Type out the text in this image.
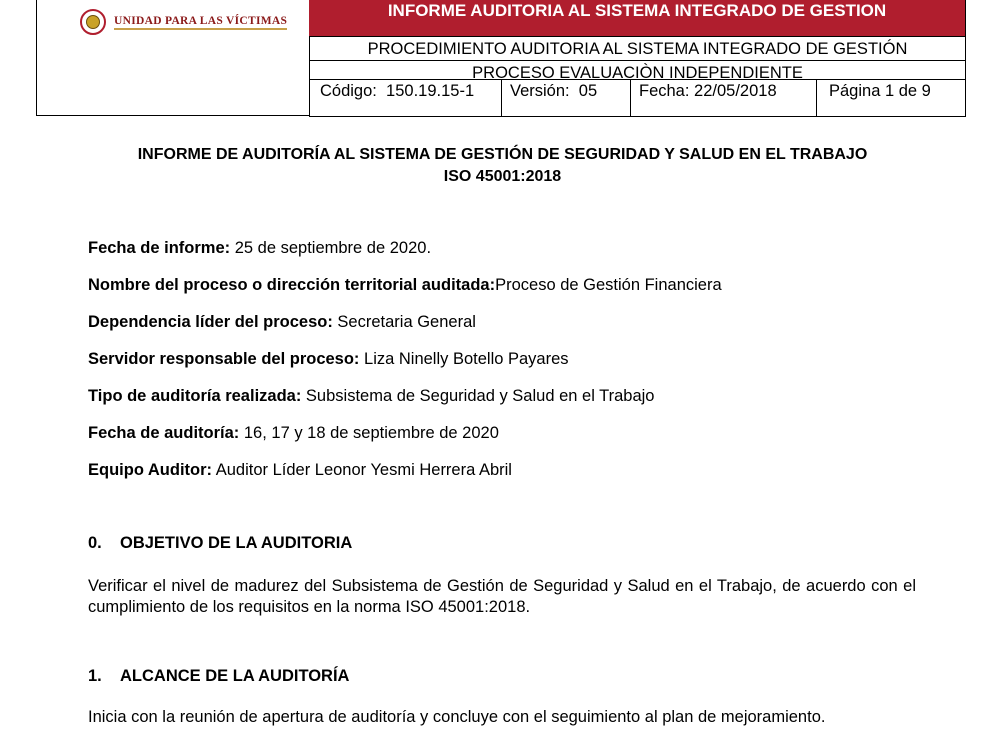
UNIDAD PARA LAS VÍCTIMAS
INFORME AUDITORIA AL SISTEMA INTEGRADO DE GESTION
PROCEDIMIENTO AUDITORIA AL SISTEMA INTEGRADO DE GESTIÓN
PROCESO EVALUACIÒN INDEPENDIENTE
Código: 150.19.15-1	Versión: 05	Fecha: 22/05/2018	Página 1 de 9
INFORME DE AUDITORÍA AL SISTEMA DE GESTIÓN DE SEGURIDAD Y SALUD EN EL TRABAJO
ISO 45001:2018
Fecha de informe: 25 de septiembre de 2020.
Nombre del proceso o dirección territorial auditada:Proceso de Gestión Financiera
Dependencia líder del proceso: Secretaria General
Servidor responsable del proceso: Liza Ninelly Botello Payares
Tipo de auditoría realizada: Subsistema de Seguridad y Salud en el Trabajo
Fecha de auditoría: 16, 17 y 18 de septiembre de 2020
Equipo Auditor: Auditor Líder Leonor Yesmi Herrera Abril
0. OBJETIVO DE LA AUDITORIA
Verificar el nivel de madurez del Subsistema de Gestión de Seguridad y Salud en el Trabajo, de acuerdo con el cumplimiento de los requisitos en la norma ISO 45001:2018.
1. ALCANCE DE LA AUDITORÍA
Inicia con la reunión de apertura de auditoría y concluye con el seguimiento al plan de mejoramiento.
